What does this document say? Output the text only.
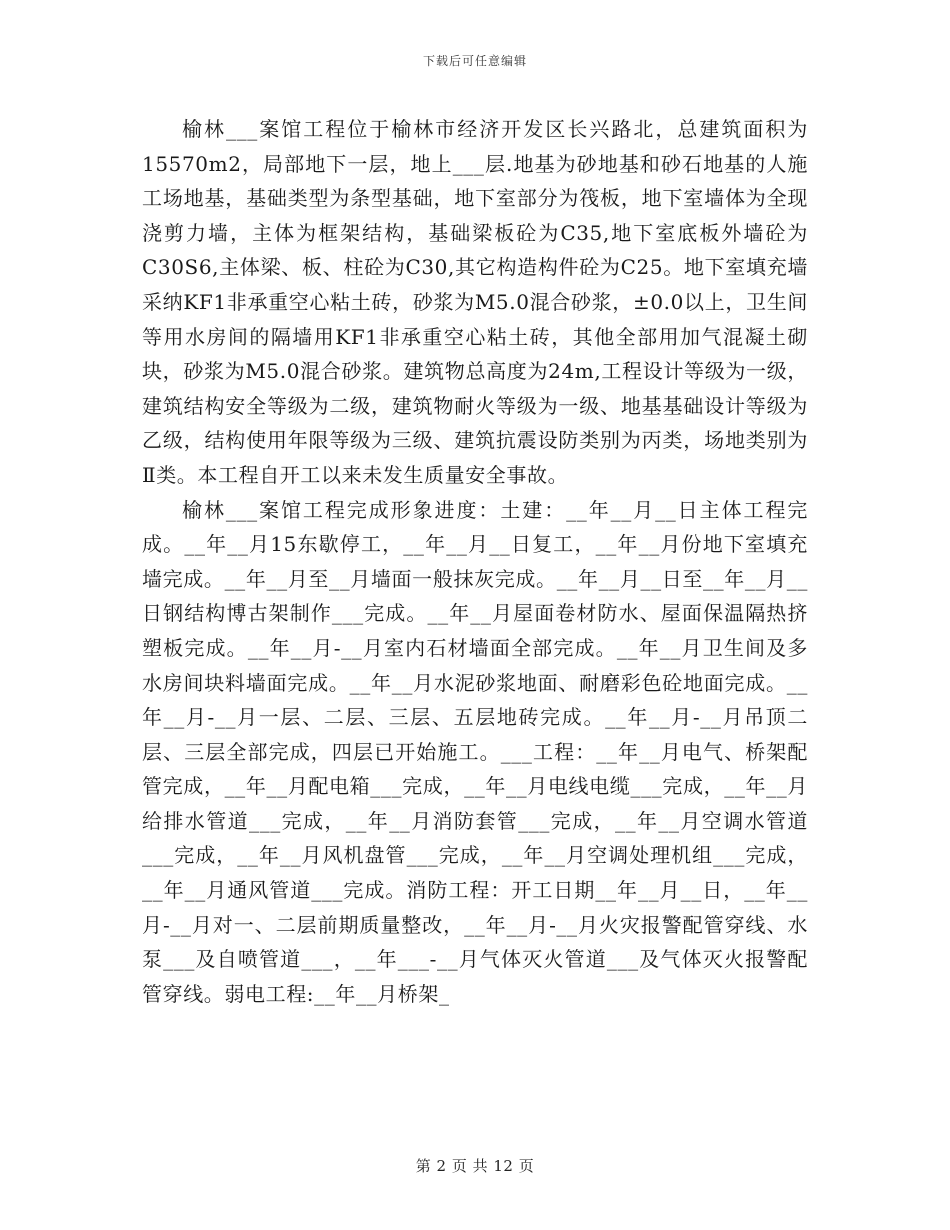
下载后可任意编辑

榆林___案馆工程位于榆林市经济开发区长兴路北，总建筑面积为15570m2，局部地下一层，地上___层.地基为砂地基和砂石地基的人施工场地基，基础类型为条型基础，地下室部分为筏板，地下室墙体为全现浇剪力墙，主体为框架结构，基础梁板砼为C35,地下室底板外墙砼为C30S6,主体梁、板、柱砼为C30,其它构造构件砼为C25。地下室填充墙采纳KF1非承重空心粘土砖，砂浆为M5.0混合砂浆，±0.0以上，卫生间等用水房间的隔墙用KF1非承重空心粘土砖，其他全部用加气混凝土砌块，砂浆为M5.0混合砂浆。建筑物总高度为24m,工程设计等级为一级，建筑结构安全等级为二级，建筑物耐火等级为一级、地基基础设计等级为乙级，结构使用年限等级为三级、建筑抗震设防类别为丙类，场地类别为Ⅱ类。本工程自开工以来未发生质量安全事故。

榆林___案馆工程完成形象进度：土建：__年__月__日主体工程完成。__年__月15东歇停工，__年__月__日复工，__年__月份地下室填充墙完成。__年__月至__月墙面一般抹灰完成。__年__月__日至__年__月__日钢结构博古架制作___完成。__年__月屋面卷材防水、屋面保温隔热挤塑板完成。__年__月-__月室内石材墙面全部完成。__年__月卫生间及多水房间块料墙面完成。__年__月水泥砂浆地面、耐磨彩色砼地面完成。__年__月-__月一层、二层、三层、五层地砖完成。__年__月-__月吊顶二层、三层全部完成，四层已开始施工。___工程：__年__月电气、桥架配管完成，__年__月配电箱___完成，__年__月电线电缆___完成，__年__月给排水管道___完成，__年__月消防套管___完成，__年__月空调水管道___完成，__年__月风机盘管___完成，__年__月空调处理机组___完成，__年__月通风管道___完成。消防工程：开工日期__年__月__日，__年__月-__月对一、二层前期质量整改，__年__月-__月火灾报警配管穿线、水泵___及自喷管道___，__年___-__月气体灭火管道___及气体灭火报警配管穿线。弱电工程:__年__月桥架_

第 2 页 共 12 页
